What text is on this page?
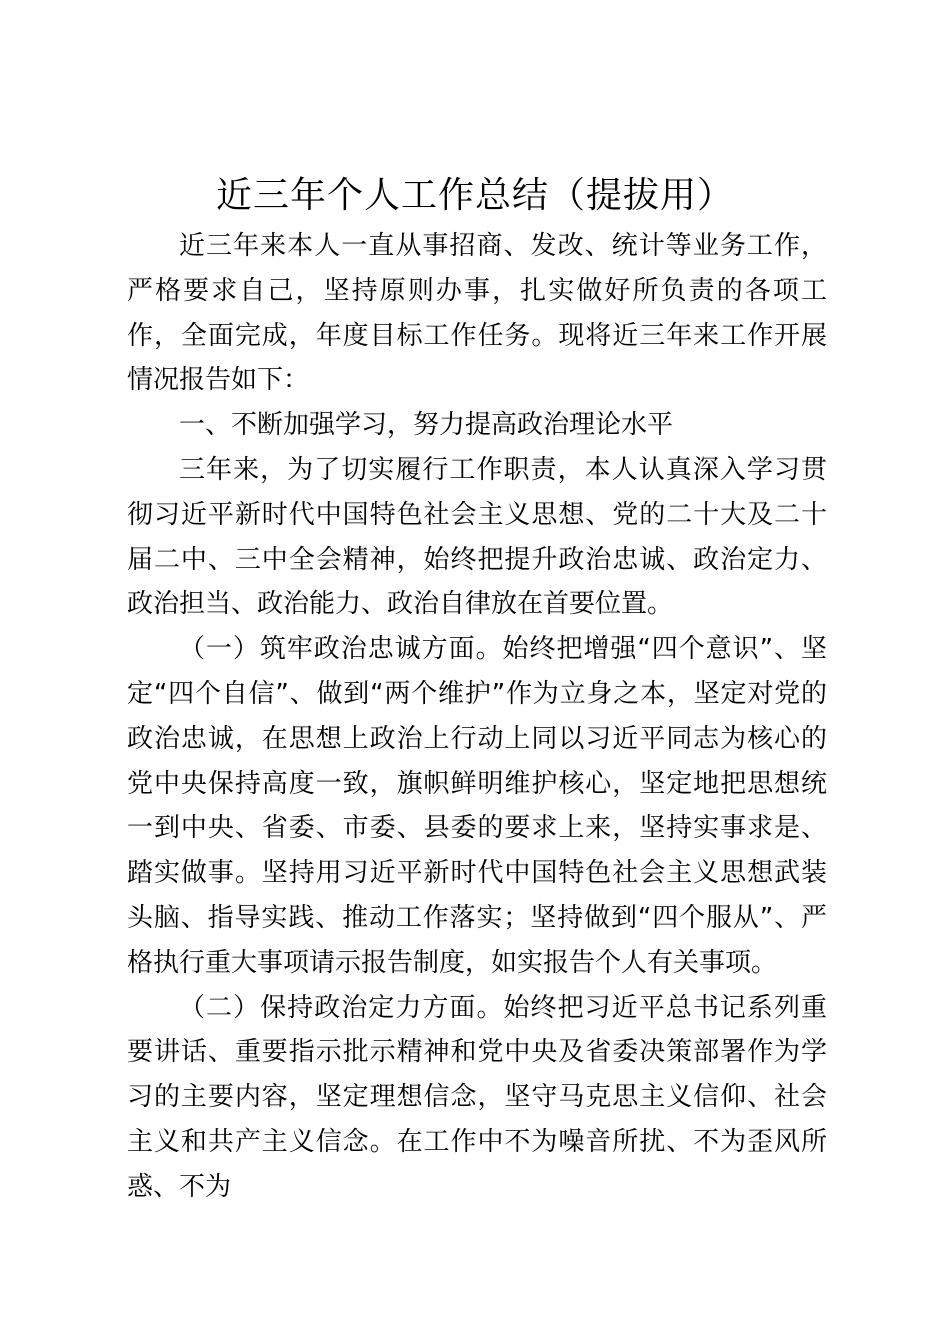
近三年个人工作总结（提拔用）

近三年来本人一直从事招商、发改、统计等业务工作，严格要求自己，坚持原则办事，扎实做好所负责的各项工作，全面完成，年度目标工作任务。现将近三年来工作开展情况报告如下：

一、不断加强学习，努力提高政治理论水平

三年来，为了切实履行工作职责，本人认真深入学习贯彻习近平新时代中国特色社会主义思想、党的二十大及二十届二中、三中全会精神，始终把提升政治忠诚、政治定力、政治担当、政治能力、政治自律放在首要位置。

（一）筑牢政治忠诚方面。始终把增强“四个意识”、坚定“四个自信”、做到“两个维护”作为立身之本，坚定对党的政治忠诚，在思想上政治上行动上同以习近平同志为核心的党中央保持高度一致，旗帜鲜明维护核心，坚定地把思想统一到中央、省委、市委、县委的要求上来，坚持实事求是、踏实做事。坚持用习近平新时代中国特色社会主义思想武装头脑、指导实践、推动工作落实；坚持做到“四个服从”、严格执行重大事项请示报告制度，如实报告个人有关事项。

（二）保持政治定力方面。始终把习近平总书记系列重要讲话、重要指示批示精神和党中央及省委决策部署作为学习的主要内容，坚定理想信念，坚守马克思主义信仰、社会主义和共产主义信念。在工作中不为噪音所扰、不为歪风所惑、不为
